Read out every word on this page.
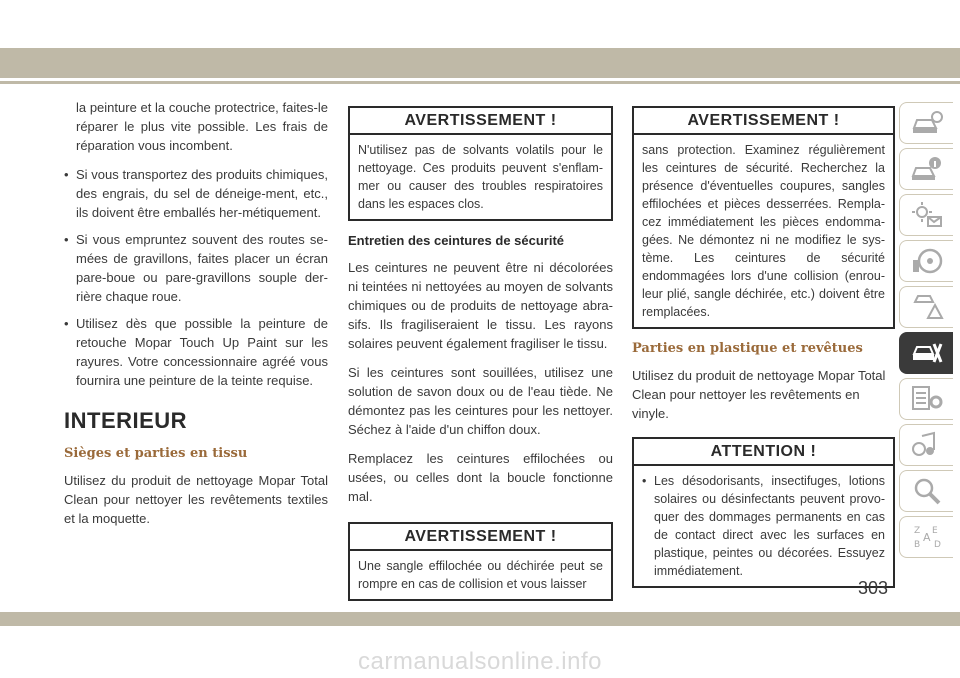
la peinture et la couche protectrice, faites-le réparer le plus vite possible. Les frais de réparation vous incombent.

• Si vous transportez des produits chimiques, des engrais, du sel de déneige-ment, etc., ils doivent être emballés her-métiquement.
• Si vous empruntez souvent des routes se-mées de gravillons, faites placer un écran pare-boue ou pare-gravillons souple der-rière chaque roue.
• Utilisez dès que possible la peinture de retouche Mopar Touch Up Paint sur les rayures. Votre concessionnaire agréé vous fournira une peinture de la teinte requise.
INTERIEUR
Sièges et parties en tissu

Utilisez du produit de nettoyage Mopar Total Clean pour nettoyer les revêtements textiles et la moquette.

AVERTISSEMENT !
N'utilisez pas de solvants volatils pour le nettoyage. Ces produits peuvent s'enflam-mer ou causer des troubles respiratoires dans les espaces clos.
Entretien des ceintures de sécurité

Les ceintures ne peuvent être ni décolorées ni teintées ni nettoyées au moyen de solvants chimiques ou de produits de nettoyage abra-sifs. Ils fragiliseraient le tissu. Les rayons solaires peuvent également fragiliser le tissu.

Si les ceintures sont souillées, utilisez une solution de savon doux ou de l'eau tiède. Ne démontez pas les ceintures pour les nettoyer. Séchez à l'aide d'un chiffon doux.

Remplacez les ceintures effilochées ou usées, ou celles dont la boucle fonctionne mal.

AVERTISSEMENT !
Une sangle effilochée ou déchirée peut se rompre en cas de collision et vous laisser
AVERTISSEMENT !
sans protection. Examinez régulièrement les ceintures de sécurité. Recherchez la présence d'éventuelles coupures, sangles effilochées et pièces desserrées. Rempla-cez immédiatement les pièces endomma-gées. Ne démontez ni ne modifiez le sys-tème. Les ceintures de sécurité endommagées lors d'une collision (enrou-leur plié, sangle déchirée, etc.) doivent être remplacées.
Parties en plastique et revêtues

Utilisez du produit de nettoyage Mopar Total Clean pour nettoyer les revêtements en vinyle.

ATTENTION !
• Les désodorisants, insectifuges, lotions solaires ou désinfectants peuvent provo-quer des dommages permanents en cas de contact direct avec les surfaces en plastique, peintes ou décorées. Essuyez immédiatement.
Z E
B
A
D
303
carmanualsonline.info
